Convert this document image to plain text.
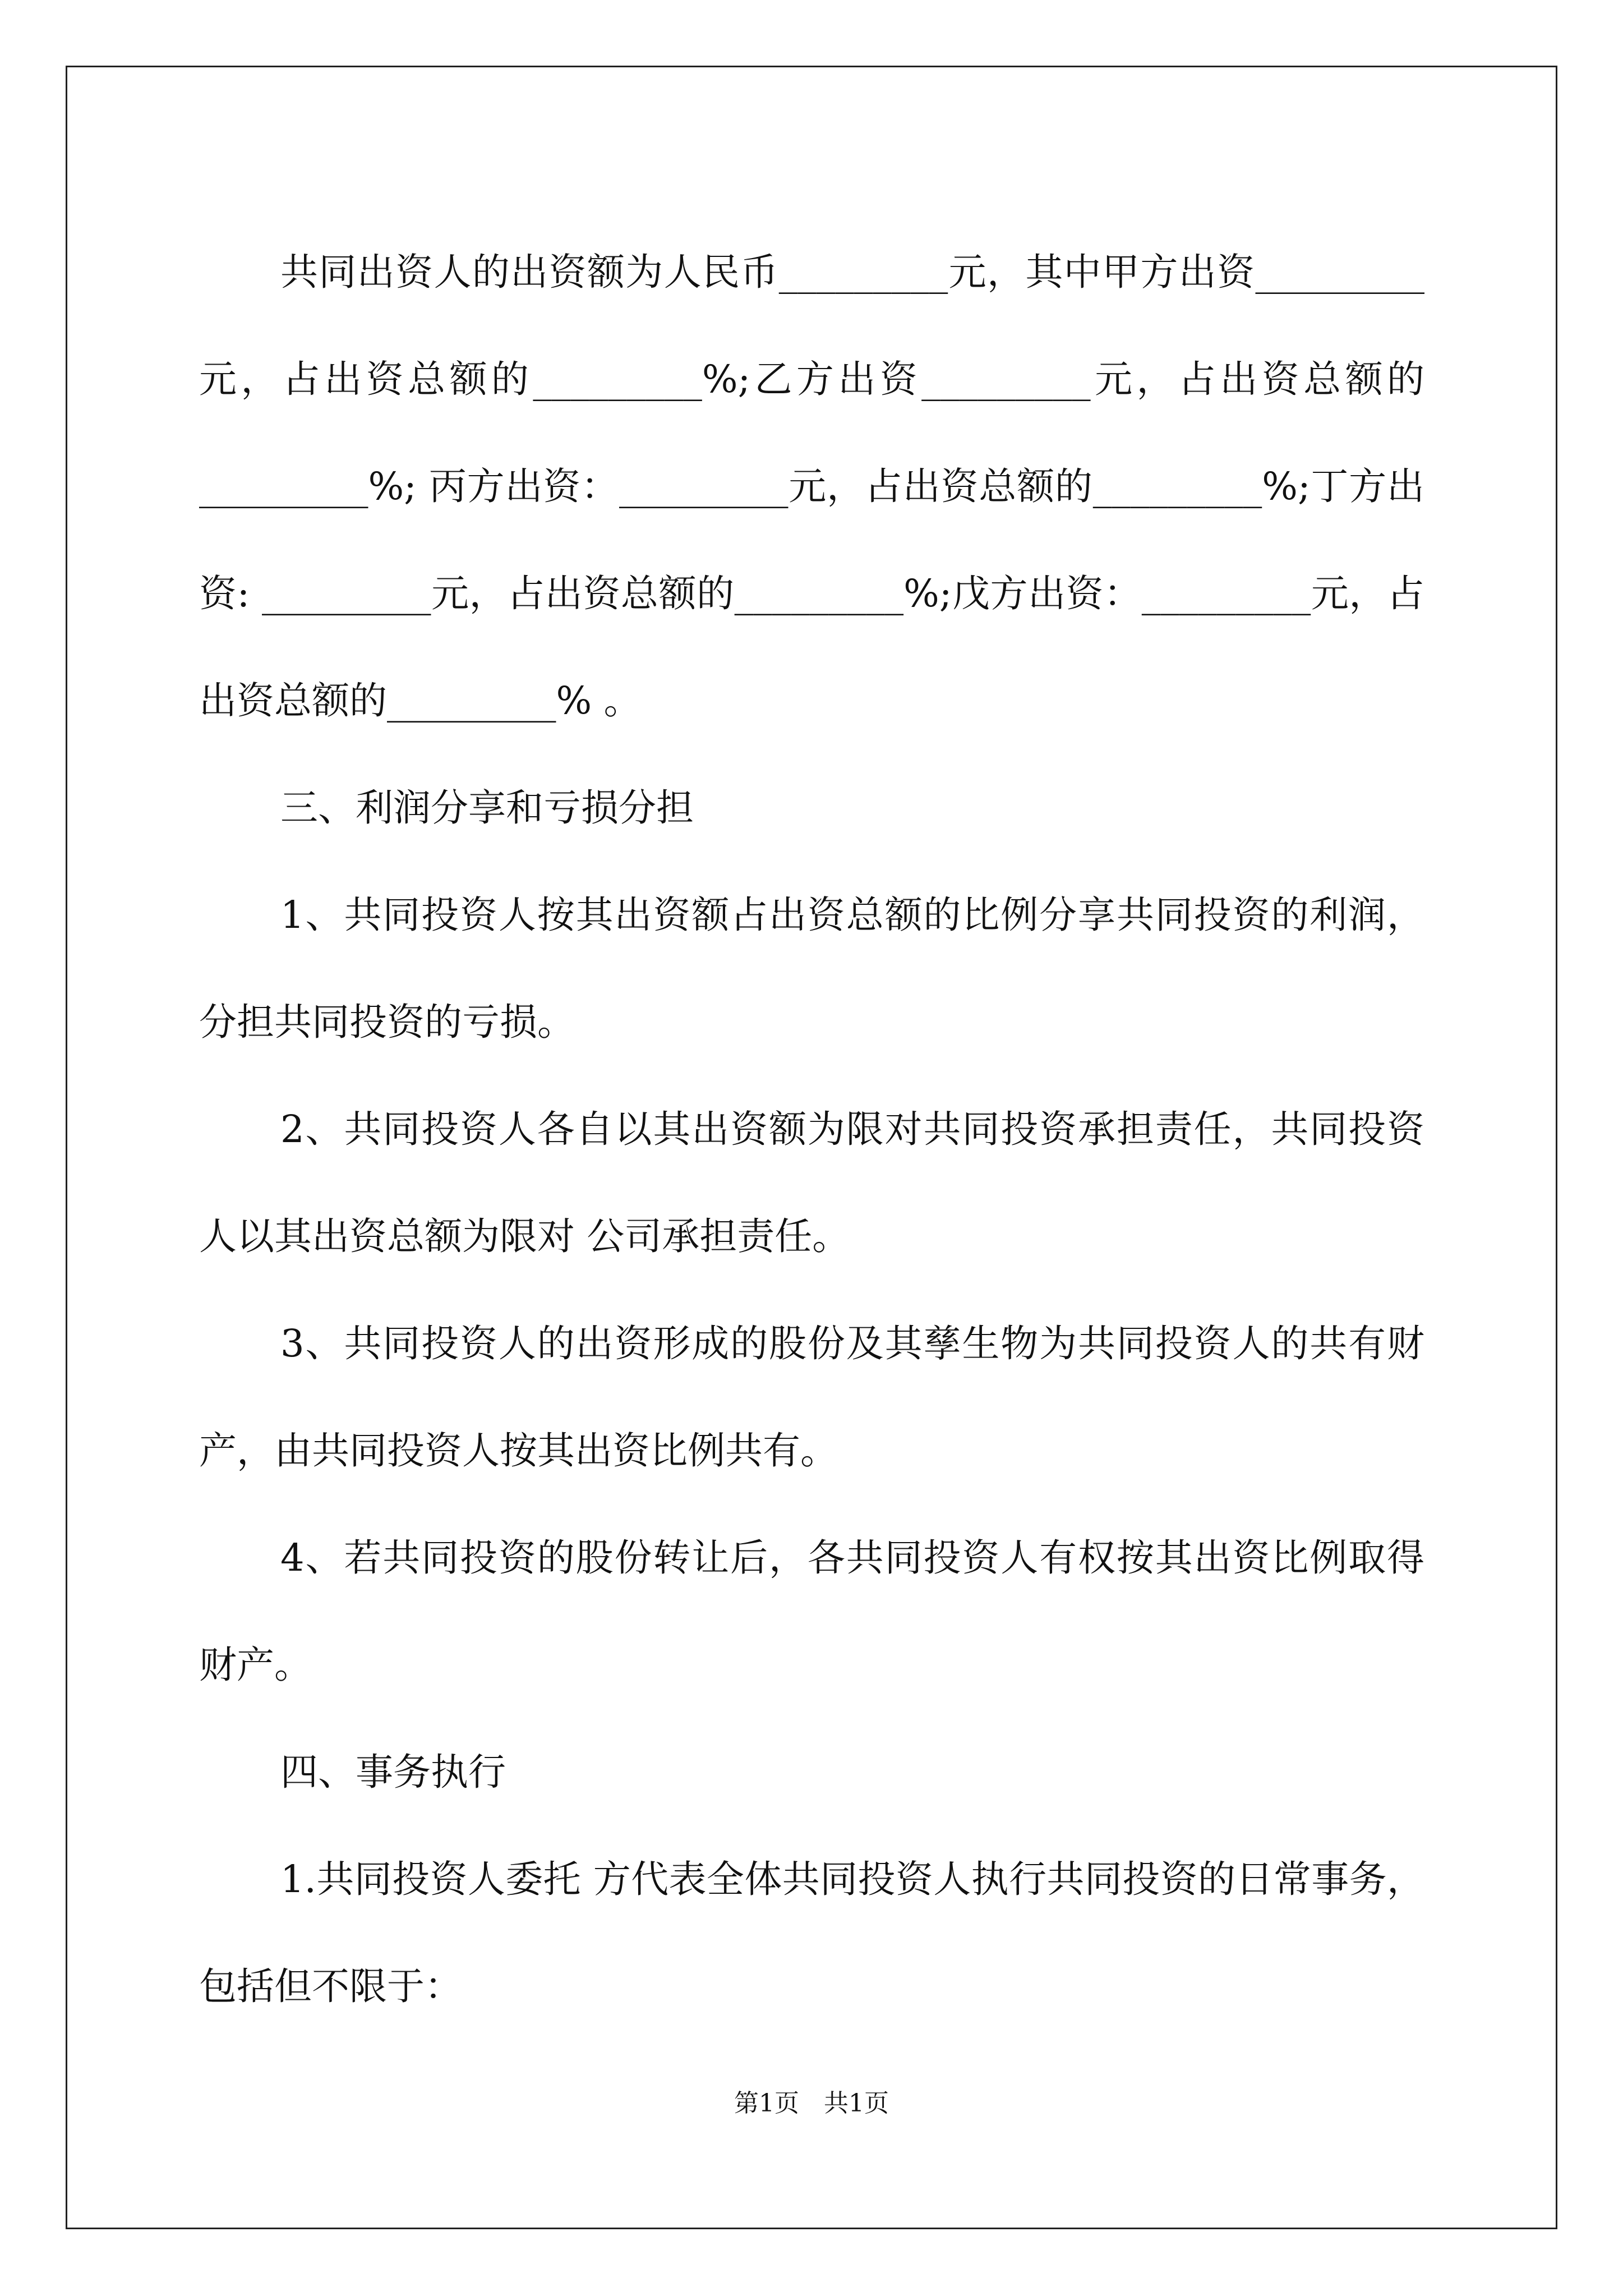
共同出资人的出资额为人民币_________元，其中甲方出资_________元，占出资总额的_________%;乙方出资_________元，占出资总额的_________%; 丙方出资：_________元，占出资总额的_________%;丁方出资: _________元，占出资总额的_________%;戊方出资：_________元，占出资总额的_________% 。

三、利润分享和亏损分担

1、共同投资人按其出资额占出资总额的比例分享共同投资的利润，分担共同投资的亏损。

2、共同投资人各自以其出资额为限对共同投资承担责任，共同投资人以其出资总额为限对 公司承担责任。

3、共同投资人的出资形成的股份及其孳生物为共同投资人的共有财产，由共同投资人按其出资比例共有。

4、若共同投资的股份转让后，各共同投资人有权按其出资比例取得财产。

四、事务执行

1.共同投资人委托 方代表全体共同投资人执行共同投资的日常事务，包括但不限于：

第1页　共1页
